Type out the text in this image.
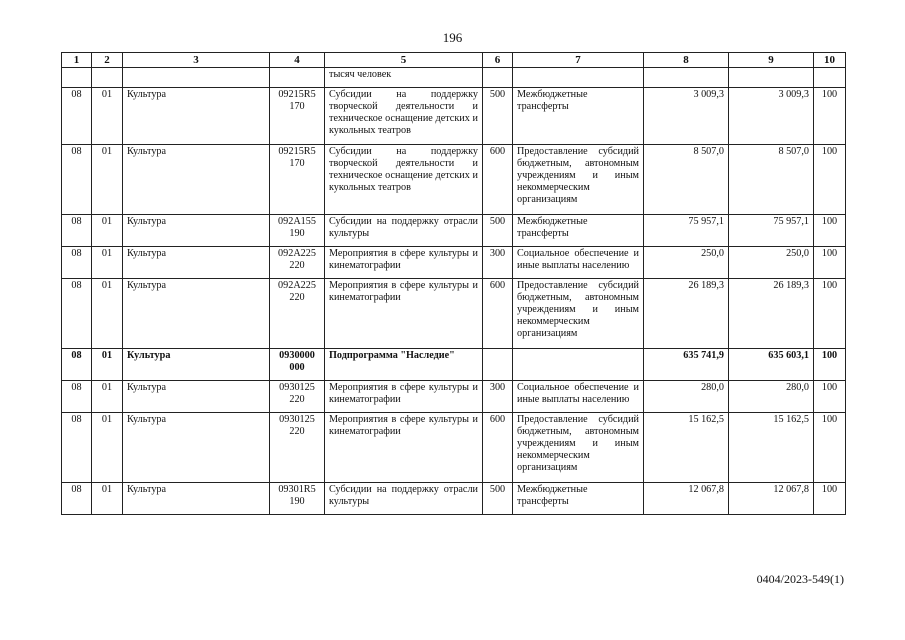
196
1	2	3	4	5	6	7	8	9	10
				тысяч человек					
08	01	Культура	09215R5 170	Субсидии на поддержку творческой деятельности и техническое оснащение детских и кукольных театров	500	Межбюджетные трансферты	3 009,3	3 009,3	100
08	01	Культура	09215R5 170	Субсидии на поддержку творческой деятельности и техническое оснащение детских и кукольных театров	600	Предоставление субсидий бюджетным, автономным учреждениям и иным некоммерческим организациям	8 507,0	8 507,0	100
08	01	Культура	092A155 190	Субсидии на поддержку отрасли культуры	500	Межбюджетные трансферты	75 957,1	75 957,1	100
08	01	Культура	092A225 220	Мероприятия в сфере культуры и кинематографии	300	Социальное обеспечение и иные выплаты населению	250,0	250,0	100
08	01	Культура	092A225 220	Мероприятия в сфере культуры и кинематографии	600	Предоставление субсидий бюджетным, автономным учреждениям и иным некоммерческим организациям	26 189,3	26 189,3	100
08	01	Культура	0930000 000	Подпрограмма "Наследие"			635 741,9	635 603,1	100
08	01	Культура	0930125 220	Мероприятия в сфере культуры и кинематографии	300	Социальное обеспечение и иные выплаты населению	280,0	280,0	100
08	01	Культура	0930125 220	Мероприятия в сфере культуры и кинематографии	600	Предоставление субсидий бюджетным, автономным учреждениям и иным некоммерческим организациям	15 162,5	15 162,5	100
08	01	Культура	09301R5 190	Субсидии на поддержку отрасли культуры	500	Межбюджетные трансферты	12 067,8	12 067,8	100
0404/2023-549(1)
